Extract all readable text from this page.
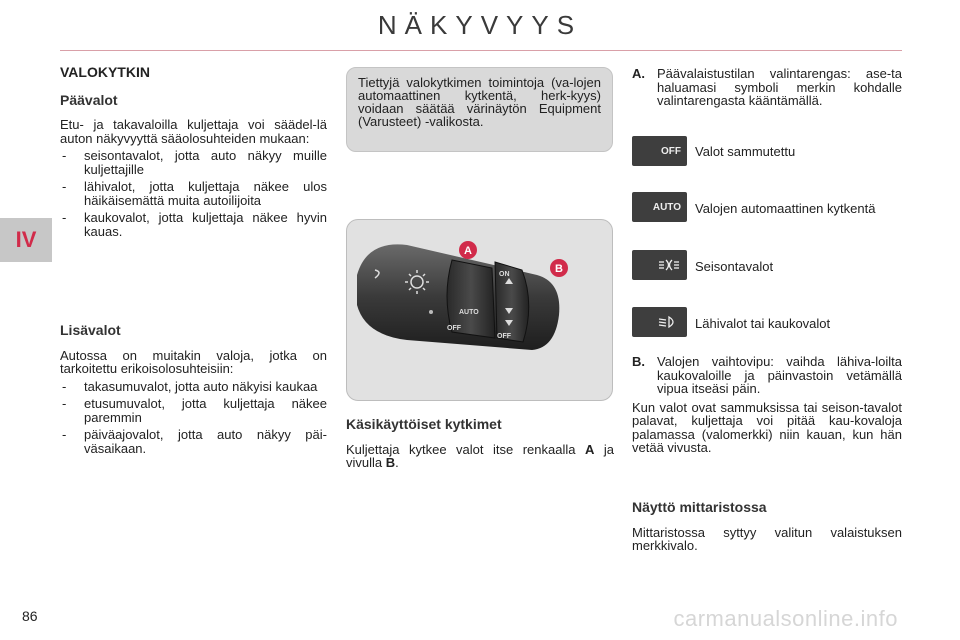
NÄKYVYYS
IV
86	carmanualsonline.info
VALOKYTKIN
Päävalot

Etu- ja takavaloilla kuljettaja voi säädel-lä auton näkyvyyttä sääolosuhteiden mukaan:

- seisontavalot, jotta auto näkyy muille kuljettajille
- lähivalot, jotta kuljettaja näkee ulos häikäisemättä muita autoilijoita
- kaukovalot, jotta kuljettaja näkee hyvin kauas.
Lisävalot

Autossa on muitakin valoja, jotka on tarkoitettu erikoisolosuhteisiin:

- takasumuvalot, jotta auto näkyisi kaukaa
- etusumuvalot, jotta kuljettaja näkee paremmin
- päiväajovalot, jotta auto näkyy päi-väsaikaan.
Tiettyjä valokytkimen toimintoja (va-lojen automaattinen kytkentä, herk-kyys) voidaan säätää värinäytön Equipment (Varusteet) -valikosta.
AUTO
OFF
ON
OFF
A
B
Käsikäyttöiset kytkimet

Kuljettaja kytkee valot itse renkaalla A ja vivulla B.

A. Päävalaistustilan valintarengas: ase-ta haluamasi symboli merkin kohdalle valintarengasta kääntämällä.

OFF Valot sammutettu
AUTO Valojen automaattinen kytkentä
Seisontavalot
Lähivalot tai kaukovalot
B. Valojen vaihtovipu: vaihda lähiva-loilta kaukovaloille ja päinvastoin vetämällä vipua itseäsi päin.

Kun valot ovat sammuksissa tai seison-tavalot palavat, kuljettaja voi pitää kau-kovaloja palamassa (valomerkki) niin kauan, kun hän vetää vivusta.

Näyttö mittaristossa

Mittaristossa syttyy valitun valaistuksen merkkivalo.
